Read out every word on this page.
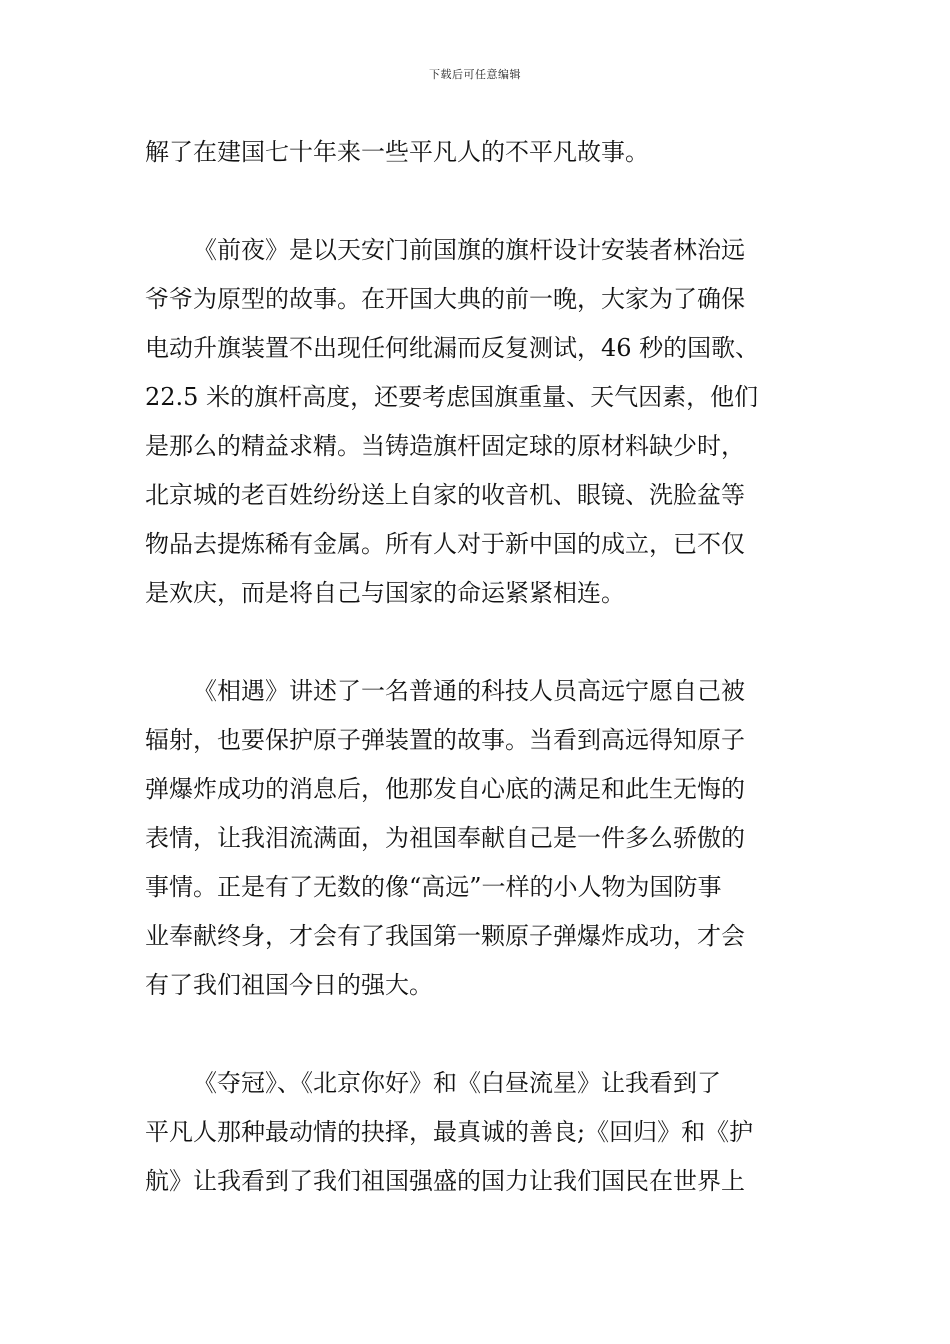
下载后可任意编辑
解了在建国七十年来一些平凡人的不平凡故事。
《前夜》是以天安门前国旗的旗杆设计安装者林治远
爷爷为原型的故事。在开国大典的前一晚，大家为了确保
电动升旗装置不出现任何纰漏而反复测试，46 秒的国歌、
22.5 米的旗杆高度，还要考虑国旗重量、天气因素，他们
是那么的精益求精。当铸造旗杆固定球的原材料缺少时，
北京城的老百姓纷纷送上自家的收音机、眼镜、洗脸盆等
物品去提炼稀有金属。所有人对于新中国的成立，已不仅
是欢庆，而是将自己与国家的命运紧紧相连。
《相遇》讲述了一名普通的科技人员高远宁愿自己被
辐射，也要保护原子弹装置的故事。当看到高远得知原子
弹爆炸成功的消息后，他那发自心底的满足和此生无悔的
表情，让我泪流满面，为祖国奉献自己是一件多么骄傲的
事情。正是有了无数的像“高远”一样的小人物为国防事
业奉献终身，才会有了我国第一颗原子弹爆炸成功，才会
有了我们祖国今日的强大。
《夺冠》、《北京你好》和《白昼流星》让我看到了
平凡人那种最动情的抉择，最真诚的善良;《回归》和《护
航》让我看到了我们祖国强盛的国力让我们国民在世界上
